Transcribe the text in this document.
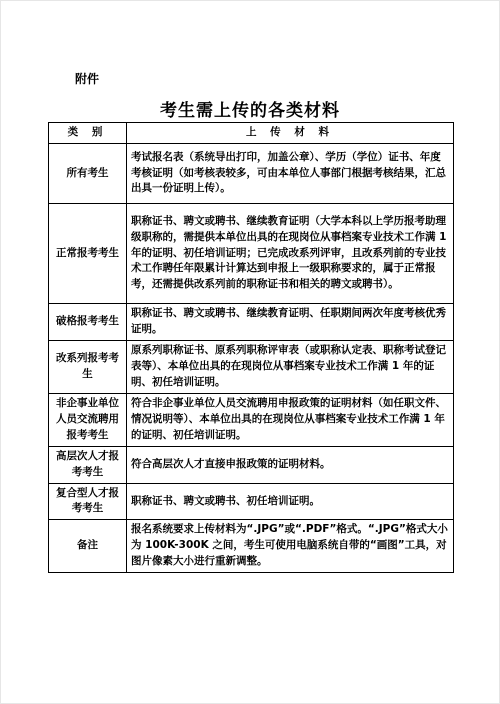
附件
考生需上传的各类材料
类 别	上 传 材 料
所有考生	考试报名表（系统导出打印，加盖公章）、学历（学位）证书、年度考核证明（如考核表较多，可由本单位人事部门根据考核结果，汇总出具一份证明上传）。
正常报考考生	职称证书、聘文或聘书、继续教育证明（大学本科以上学历报考助理级职称的，需提供本单位出具的在现岗位从事档案专业技术工作满 1 年的证明、初任培训证明；已完成改系列评审，且改系列前的专业技术工作聘任年限累计计算达到申报上一级职称要求的，属于正常报考，还需提供改系列前的职称证书和相关的聘文或聘书）。
破格报考考生	职称证书、聘文或聘书、继续教育证明、任职期间两次年度考核优秀证明。
改系列报考考生	原系列职称证书、原系列职称评审表（或职称认定表、职称考试登记表等）、本单位出具的在现岗位从事档案专业技术工作满 1 年的证明、初任培训证明。
非企事业单位人员交流聘用报考考生	符合非企事业单位人员交流聘用申报政策的证明材料（如任职文件、情况说明等）、本单位出具的在现岗位从事档案专业技术工作满 1 年的证明、初任培训证明。
高层次人才报考考生	符合高层次人才直接申报政策的证明材料。
复合型人才报考考生	职称证书、聘文或聘书、初任培训证明。
备注	报名系统要求上传材料为“.JPG”或“.PDF”格式。“.JPG”格式大小为 100K-300K 之间，考生可使用电脑系统自带的“画图”工具，对图片像素大小进行重新调整。
